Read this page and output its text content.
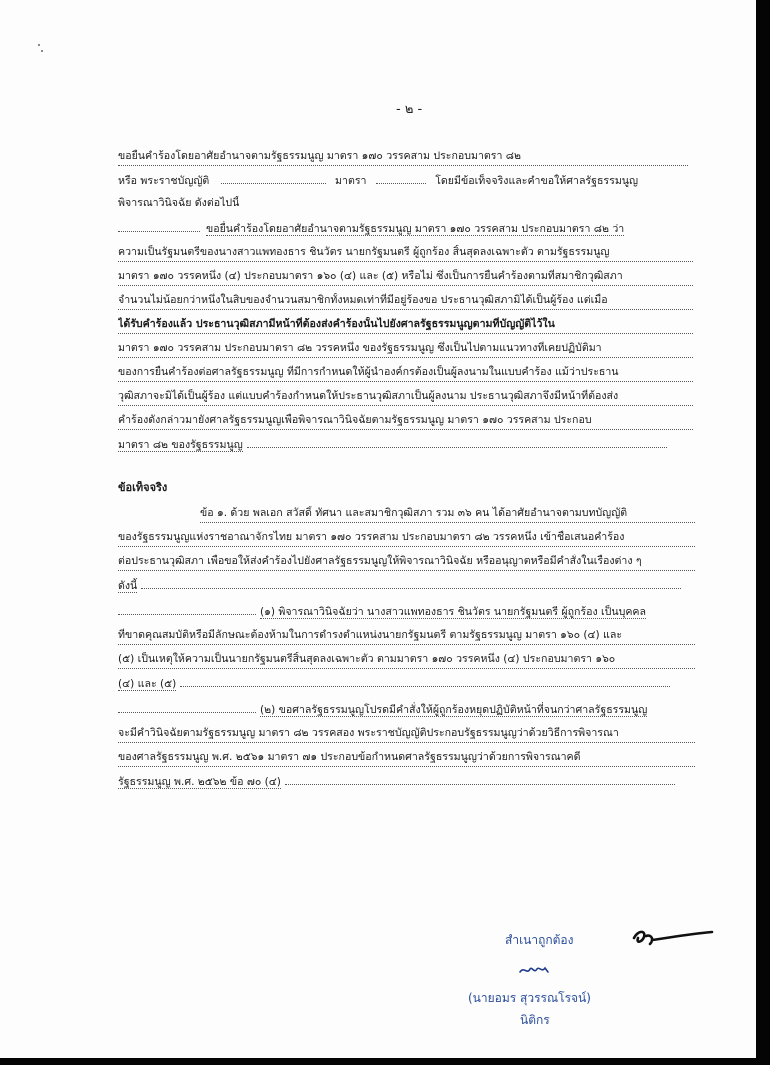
- ๒ -
ขอยื่นคำร้องโดยอาศัยอำนาจตามรัฐธรรมนูญ มาตรา ๑๗๐ วรรคสาม ประกอบมาตรา ๘๒
หรือ พระราชบัญญัติ	มาตรา	โดยมีข้อเท็จจริงและคำขอให้ศาลรัฐธรรมนูญ
พิจารณาวินิจฉัย ดังต่อไปนี้
ขอยื่นคำร้องโดยอาศัยอำนาจตามรัฐธรรมนูญ มาตรา ๑๗๐ วรรคสาม ประกอบมาตรา ๘๒ ว่า
ความเป็นรัฐมนตรีของนางสาวแพทองธาร ชินวัตร นายกรัฐมนตรี ผู้ถูกร้อง สิ้นสุดลงเฉพาะตัว ตามรัฐธรรมนูญ
มาตรา ๑๗๐ วรรคหนึ่ง (๔) ประกอบมาตรา ๑๖๐ (๔) และ (๕) หรือไม่ ซึ่งเป็นการยื่นคำร้องตามที่สมาชิกวุฒิสภา
จำนวนไม่น้อยกว่าหนึ่งในสิบของจำนวนสมาชิกทั้งหมดเท่าที่มีอยู่ร้องขอ ประธานวุฒิสภามิได้เป็นผู้ร้อง แต่เมื่อ
ได้รับคำร้องแล้ว ประธานวุฒิสภามีหน้าที่ต้องส่งคำร้องนั้นไปยังศาลรัฐธรรมนูญตามที่บัญญัติไว้ใน
มาตรา ๑๗๐ วรรคสาม ประกอบมาตรา ๘๒ วรรคหนึ่ง ของรัฐธรรมนูญ ซึ่งเป็นไปตามแนวทางที่เคยปฏิบัติมา
ของการยื่นคำร้องต่อศาลรัฐธรรมนูญ ที่มีการกำหนดให้ผู้นำองค์กรต้องเป็นผู้ลงนามในแบบคำร้อง แม้ว่าประธาน
วุฒิสภาจะมิได้เป็นผู้ร้อง แต่แบบคำร้องกำหนดให้ประธานวุฒิสภาเป็นผู้ลงนาม ประธานวุฒิสภาจึงมีหน้าที่ต้องส่ง
คำร้องดังกล่าวมายังศาลรัฐธรรมนูญเพื่อพิจารณาวินิจฉัยตามรัฐธรรมนูญ มาตรา ๑๗๐ วรรคสาม ประกอบ
มาตรา ๘๒ ของรัฐธรรมนูญ
ข้อเท็จจริง
ข้อ ๑. ด้วย พลเอก สวัสดิ์ ทัศนา และสมาชิกวุฒิสภา รวม ๓๖ คน ได้อาศัยอำนาจตามบทบัญญัติ
ของรัฐธรรมนูญแห่งราชอาณาจักรไทย มาตรา ๑๗๐ วรรคสาม ประกอบมาตรา ๘๒ วรรคหนึ่ง เข้าชื่อเสนอคำร้อง
ต่อประธานวุฒิสภา เพื่อขอให้ส่งคำร้องไปยังศาลรัฐธรรมนูญให้พิจารณาวินิจฉัย หรืออนุญาตหรือมีคำสั่งในเรื่องต่าง ๆ
ดังนี้
(๑) พิจารณาวินิจฉัยว่า นางสาวแพทองธาร ชินวัตร นายกรัฐมนตรี ผู้ถูกร้อง เป็นบุคคล
ที่ขาดคุณสมบัติหรือมีลักษณะต้องห้ามในการดำรงตำแหน่งนายกรัฐมนตรี ตามรัฐธรรมนูญ มาตรา ๑๖๐ (๔) และ
(๕) เป็นเหตุให้ความเป็นนายกรัฐมนตรีสิ้นสุดลงเฉพาะตัว ตามมาตรา ๑๗๐ วรรคหนึ่ง (๔) ประกอบมาตรา ๑๖๐
(๔) และ (๕)
(๒) ขอศาลรัฐธรรมนูญโปรดมีคำสั่งให้ผู้ถูกร้องหยุดปฏิบัติหน้าที่จนกว่าศาลรัฐธรรมนูญ
จะมีคำวินิจฉัยตามรัฐธรรมนูญ มาตรา ๘๒ วรรคสอง พระราชบัญญัติประกอบรัฐธรรมนูญว่าด้วยวิธีการพิจารณา
ของศาลรัฐธรรมนูญ พ.ศ. ๒๕๖๑ มาตรา ๗๑ ประกอบข้อกำหนดศาลรัฐธรรมนูญว่าด้วยการพิจารณาคดี
รัฐธรรมนูญ พ.ศ. ๒๕๖๒ ข้อ ๗๐ (๔)
สำเนาถูกต้อง
(นายอมร สุวรรณโรจน์)
นิติกร
